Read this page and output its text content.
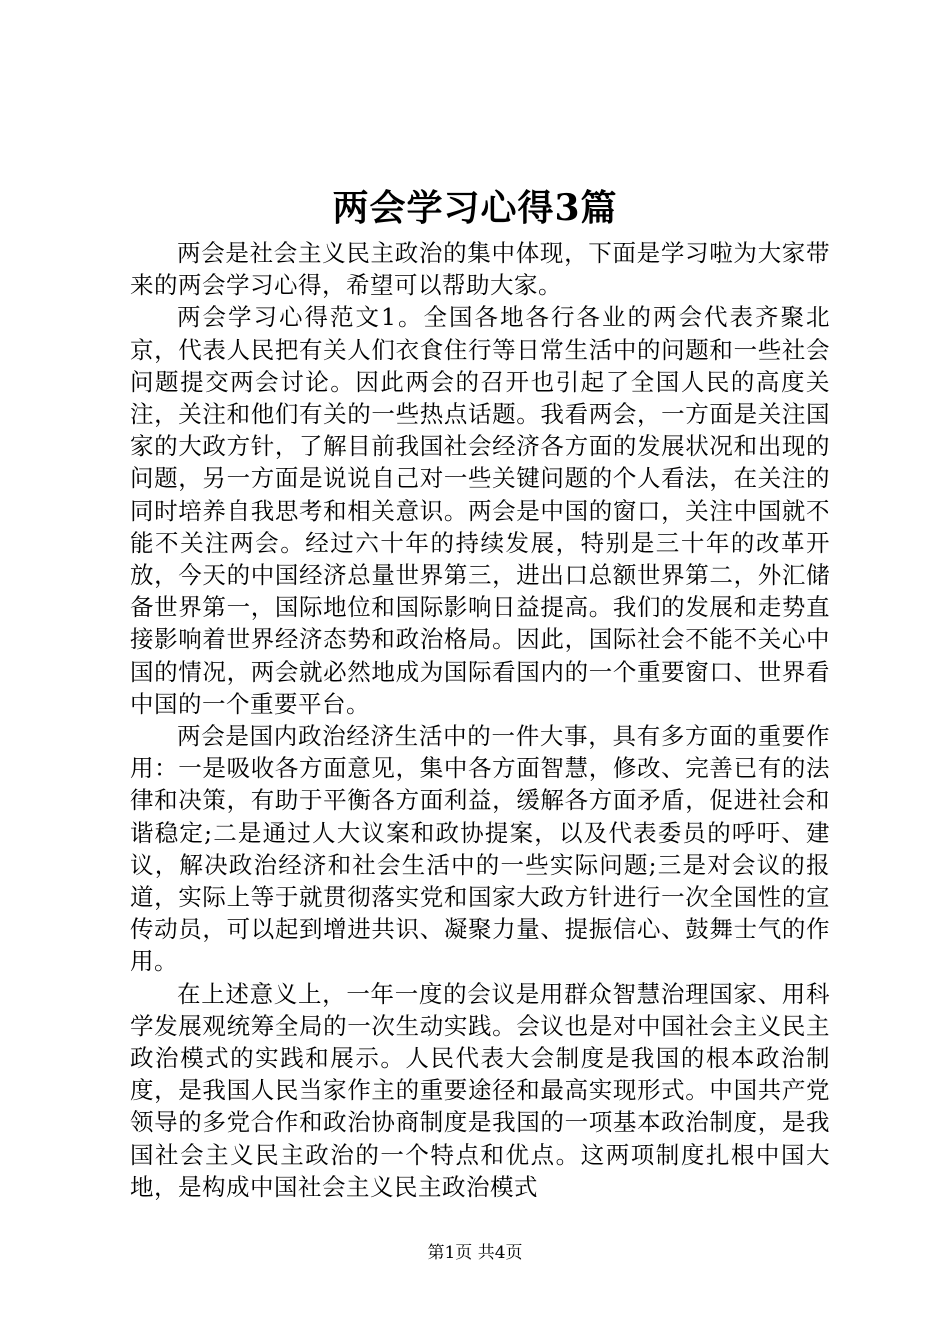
两会学习心得3篇

两会是社会主义民主政治的集中体现，下面是学习啦为大家带来的两会学习心得，希望可以帮助大家。

两会学习心得范文1。全国各地各行各业的两会代表齐聚北京，代表人民把有关人们衣食住行等日常生活中的问题和一些社会问题提交两会讨论。因此两会的召开也引起了全国人民的高度关注，关注和他们有关的一些热点话题。我看两会，一方面是关注国家的大政方针，了解目前我国社会经济各方面的发展状况和出现的问题，另一方面是说说自己对一些关键问题的个人看法，在关注的同时培养自我思考和相关意识。两会是中国的窗口，关注中国就不能不关注两会。经过六十年的持续发展，特别是三十年的改革开放，今天的中国经济总量世界第三，进出口总额世界第二，外汇储备世界第一，国际地位和国际影响日益提高。我们的发展和走势直接影响着世界经济态势和政治格局。因此，国际社会不能不关心中国的情况，两会就必然地成为国际看国内的一个重要窗口、世界看中国的一个重要平台。

两会是国内政治经济生活中的一件大事，具有多方面的重要作用：一是吸收各方面意见，集中各方面智慧，修改、完善已有的法律和决策，有助于平衡各方面利益，缓解各方面矛盾，促进社会和谐稳定;二是通过人大议案和政协提案，以及代表委员的呼吁、建议，解决政治经济和社会生活中的一些实际问题;三是对会议的报道，实际上等于就贯彻落实党和国家大政方针进行一次全国性的宣传动员，可以起到增进共识、凝聚力量、提振信心、鼓舞士气的作用。

在上述意义上，一年一度的会议是用群众智慧治理国家、用科学发展观统筹全局的一次生动实践。会议也是对中国社会主义民主政治模式的实践和展示。人民代表大会制度是我国的根本政治制度，是我国人民当家作主的重要途径和最高实现形式。中国共产党领导的多党合作和政治协商制度是我国的一项基本政治制度，是我国社会主义民主政治的一个特点和优点。这两项制度扎根中国大地，是构成中国社会主义民主政治模式

第1页 共4页
